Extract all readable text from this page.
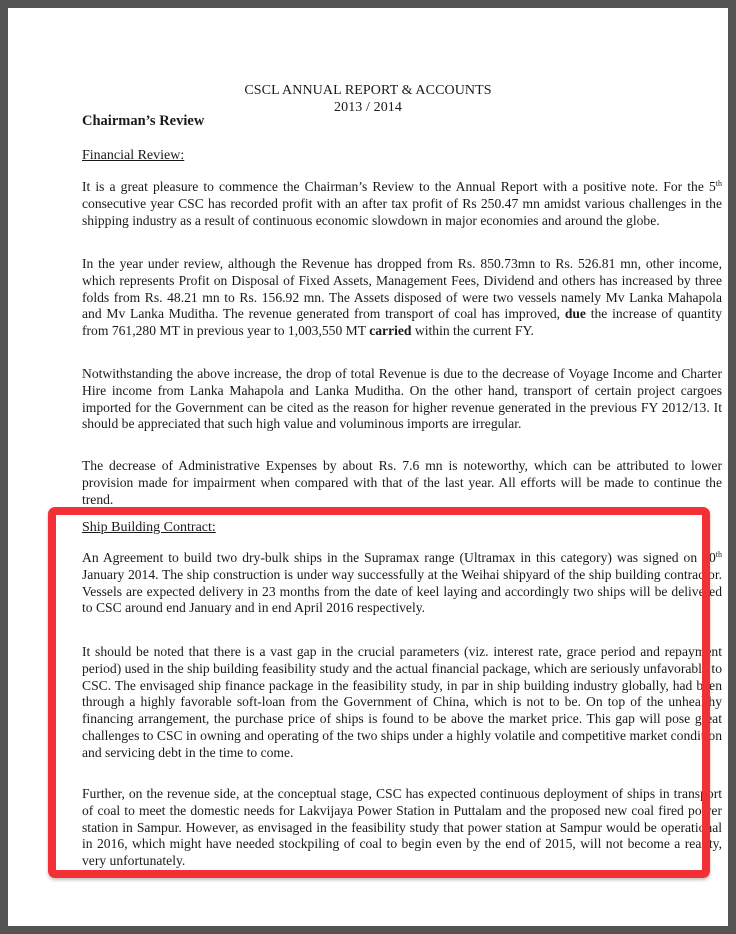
CSCL ANNUAL REPORT & ACCOUNTS
2013 / 2014
Chairman’s Review
Financial Review:

It is a great pleasure to commence the Chairman’s Review to the Annual Report with a positive note. For the 5th consecutive year CSC has recorded profit with an after tax profit of Rs 250.47 mn amidst various challenges in the shipping industry as a result of continuous economic slowdown in major economies and around the globe.

In the year under review, although the Revenue has dropped from Rs. 850.73mn to Rs. 526.81 mn, other income, which represents Profit on Disposal of Fixed Assets, Management Fees, Dividend and others has increased by three folds from Rs. 48.21 mn to Rs. 156.92 mn. The Assets disposed of were two vessels namely Mv Lanka Mahapola and Mv Lanka Muditha. The revenue generated from transport of coal has improved, due the increase of quantity from 761,280 MT in previous year to 1,003,550 MT carried within the current FY.

Notwithstanding the above increase, the drop of total Revenue is due to the decrease of Voyage Income and Charter Hire income from Lanka Mahapola and Lanka Muditha. On the other hand, transport of certain project cargoes imported for the Government can be cited as the reason for higher revenue generated in the previous FY 2012/13. It should be appreciated that such high value and voluminous imports are irregular.

The decrease of Administrative Expenses by about Rs. 7.6 mn is noteworthy, which can be attributed to lower provision made for impairment when compared with that of the last year. All efforts will be made to continue the trend.

Ship Building Contract:

An Agreement to build two dry-bulk ships in the Supramax range (Ultramax in this category) was signed on 10th January 2014. The ship construction is under way successfully at the Weihai shipyard of the ship building contractor. Vessels are expected delivery in 23 months from the date of keel laying and accordingly two ships will be delivered to CSC around end January and in end April 2016 respectively.

It should be noted that there is a vast gap in the crucial parameters (viz. interest rate, grace period and repayment period) used in the ship building feasibility study and the actual financial package, which are seriously unfavorable to CSC. The envisaged ship finance package in the feasibility study, in par in ship building industry globally, had been through a highly favorable soft-loan from the Government of China, which is not to be. On top of the unhealthy financing arrangement, the purchase price of ships is found to be above the market price. This gap will pose great challenges to CSC in owning and operating of the two ships under a highly volatile and competitive market condition and servicing debt in the time to come.

Further, on the revenue side, at the conceptual stage, CSC has expected continuous deployment of ships in transport of coal to meet the domestic needs for Lakvijaya Power Station in Puttalam and the proposed new coal fired power station in Sampur. However, as envisaged in the feasibility study that power station at Sampur would be operational in 2016, which might have needed stockpiling of coal to begin even by the end of 2015, will not become a reality, very unfortunately.
